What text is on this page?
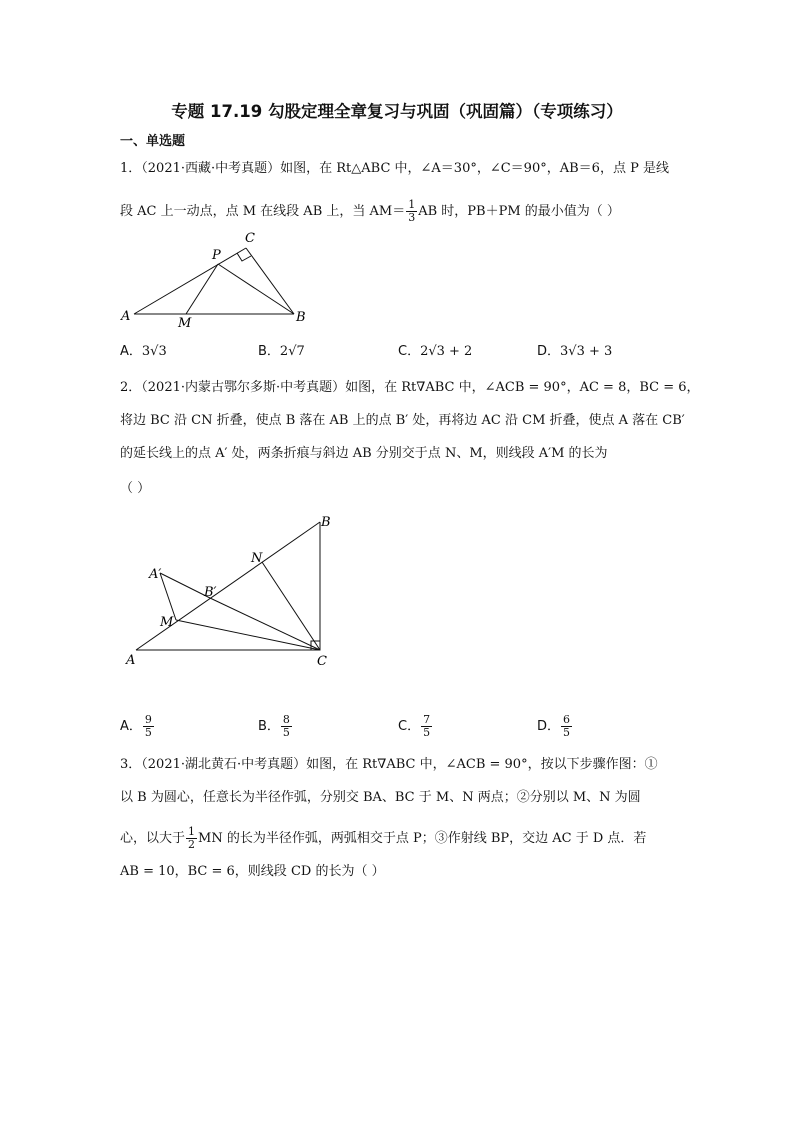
专题 17.19 勾股定理全章复习与巩固（巩固篇）（专项练习）
一、单选题
1．（2021·西藏·中考真题）如图，在 Rt△ABC 中，∠A＝30°，∠C＝90°，AB＝6，点 P 是线
段 AC 上一动点，点 M 在线段 AB 上，当 $AM= \frac{1}{3}$ AB 时，PB＋PM 的最小值为（ ）
A	B
C
P
M
A．3√3	B．2√7	C．2√3 + 2	D．3√3 + 3
2．（2021·内蒙古鄂尔多斯·中考真题）如图，在 Rt∇ABC 中，∠ACB = 90°，AC = 8，BC = 6，
将边 BC 沿 CN 折叠，使点 B 落在 AB 上的点 B′ 处，再将边 AC 沿 CM 折叠，使点 A 落在 CB′
的延长线上的点 A′ 处，两条折痕与斜边 AB 分别交于点 N、M，则线段 A′M 的长为
（ ）
A	C
B
N
M
A′
B′
A． $\frac{9}{5}$	B． $\frac{8}{5}$	C． $\frac{7}{5}$	D． $\frac{6}{5}$
3．（2021·湖北黄石·中考真题）如图，在 Rt∇ABC 中，∠ACB = 90°，按以下步骤作图：①
以 B 为圆心，任意长为半径作弧，分别交 BA、BC 于 M、N 两点；②分别以 M、N 为圆
心，以大于 $\frac{1}{2}$ MN 的长为半径作弧，两弧相交于点 P；③作射线 BP，交边 AC 于 D 点．若
AB = 10，BC = 6，则线段 CD 的长为（ ）
